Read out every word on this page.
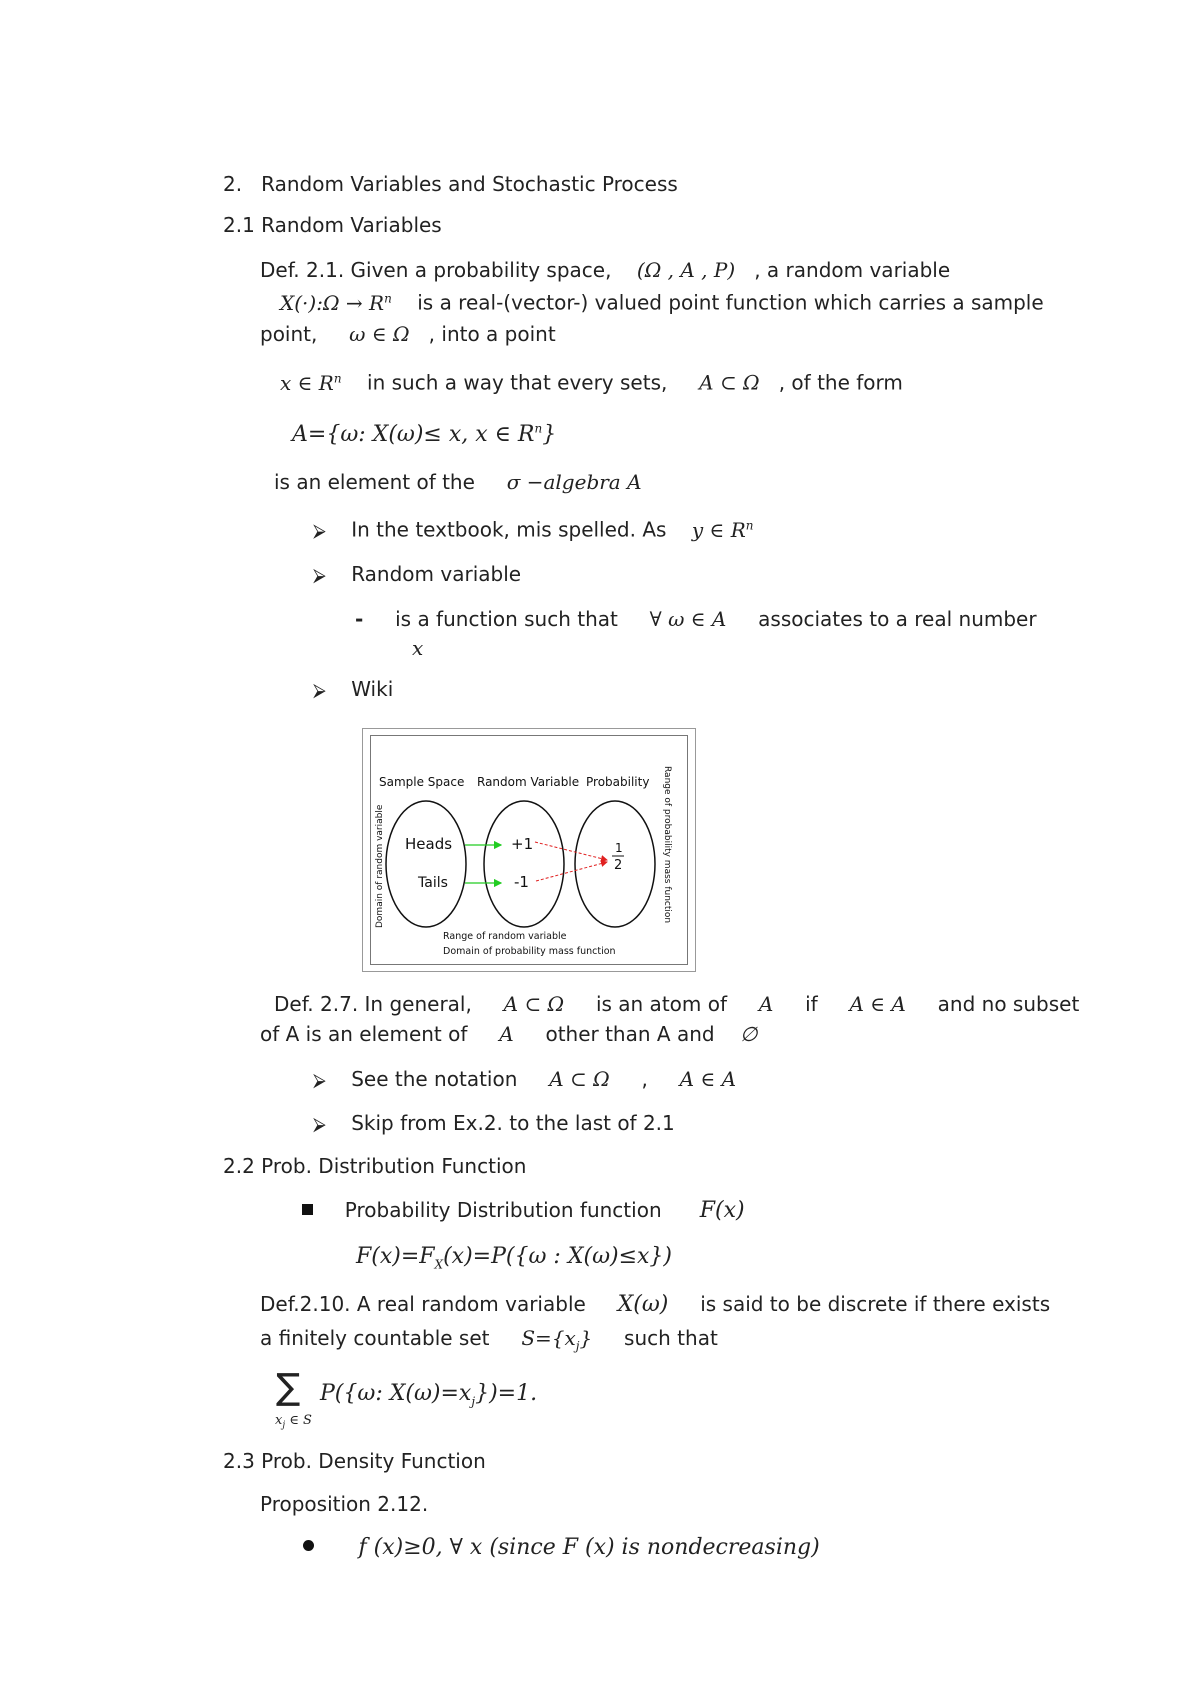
2. Random Variables and Stochastic Process
2.1 Random Variables
Def. 2.1. Given a probability space, (Ω , A , P) , a random variable
X(·):Ω → $R^n$ is a real-(vector-) valued point function which carries a sample
point, ω ∈ Ω , into a point
x ∈ $R^n$ in such a way that every sets, A ⊂ Ω , of the form
A={ω: X(ω)≤ x, x ∈ $R^n$}
is an element of the σ −algebra A
⮚ In the textbook, mis spelled. As y ∈ $R^n$
⮚ Random variable
- is a function such that ∀ ω ∈ A associates to a real number
x
⮚ Wiki
Sample Space Random Variable Probability
Heads
Tails
+1
-1
1
2
Domain of random variable	Range of probability mass function
Range of random variable
Domain of probability mass function
Def. 2.7. In general, A ⊂ Ω is an atom of A if A ∈ A and no subset
of A is an element of A other than A and ∅
⮚ See the notation A ⊂ Ω , A ∈ A
⮚ Skip from Ex.2. to the last of 2.1
2.2 Prob. Distribution Function
Probability Distribution function F(x)
$F(x)=F_X(x)=P(\{\omega$ : X(ω)≤x})
Def.2.10. A real random variable X(ω) is said to be discrete if there exists
a finitely countable set $S=\{x_j\}$ such that
∑
$x_j$ ∈ S
P({ω: $X(\omega)=x_j\})=1$.
2.3 Prob. Density Function
Proposition 2.12.
f (x)≥0, ∀ x (since F (x) is nondecreasing)
